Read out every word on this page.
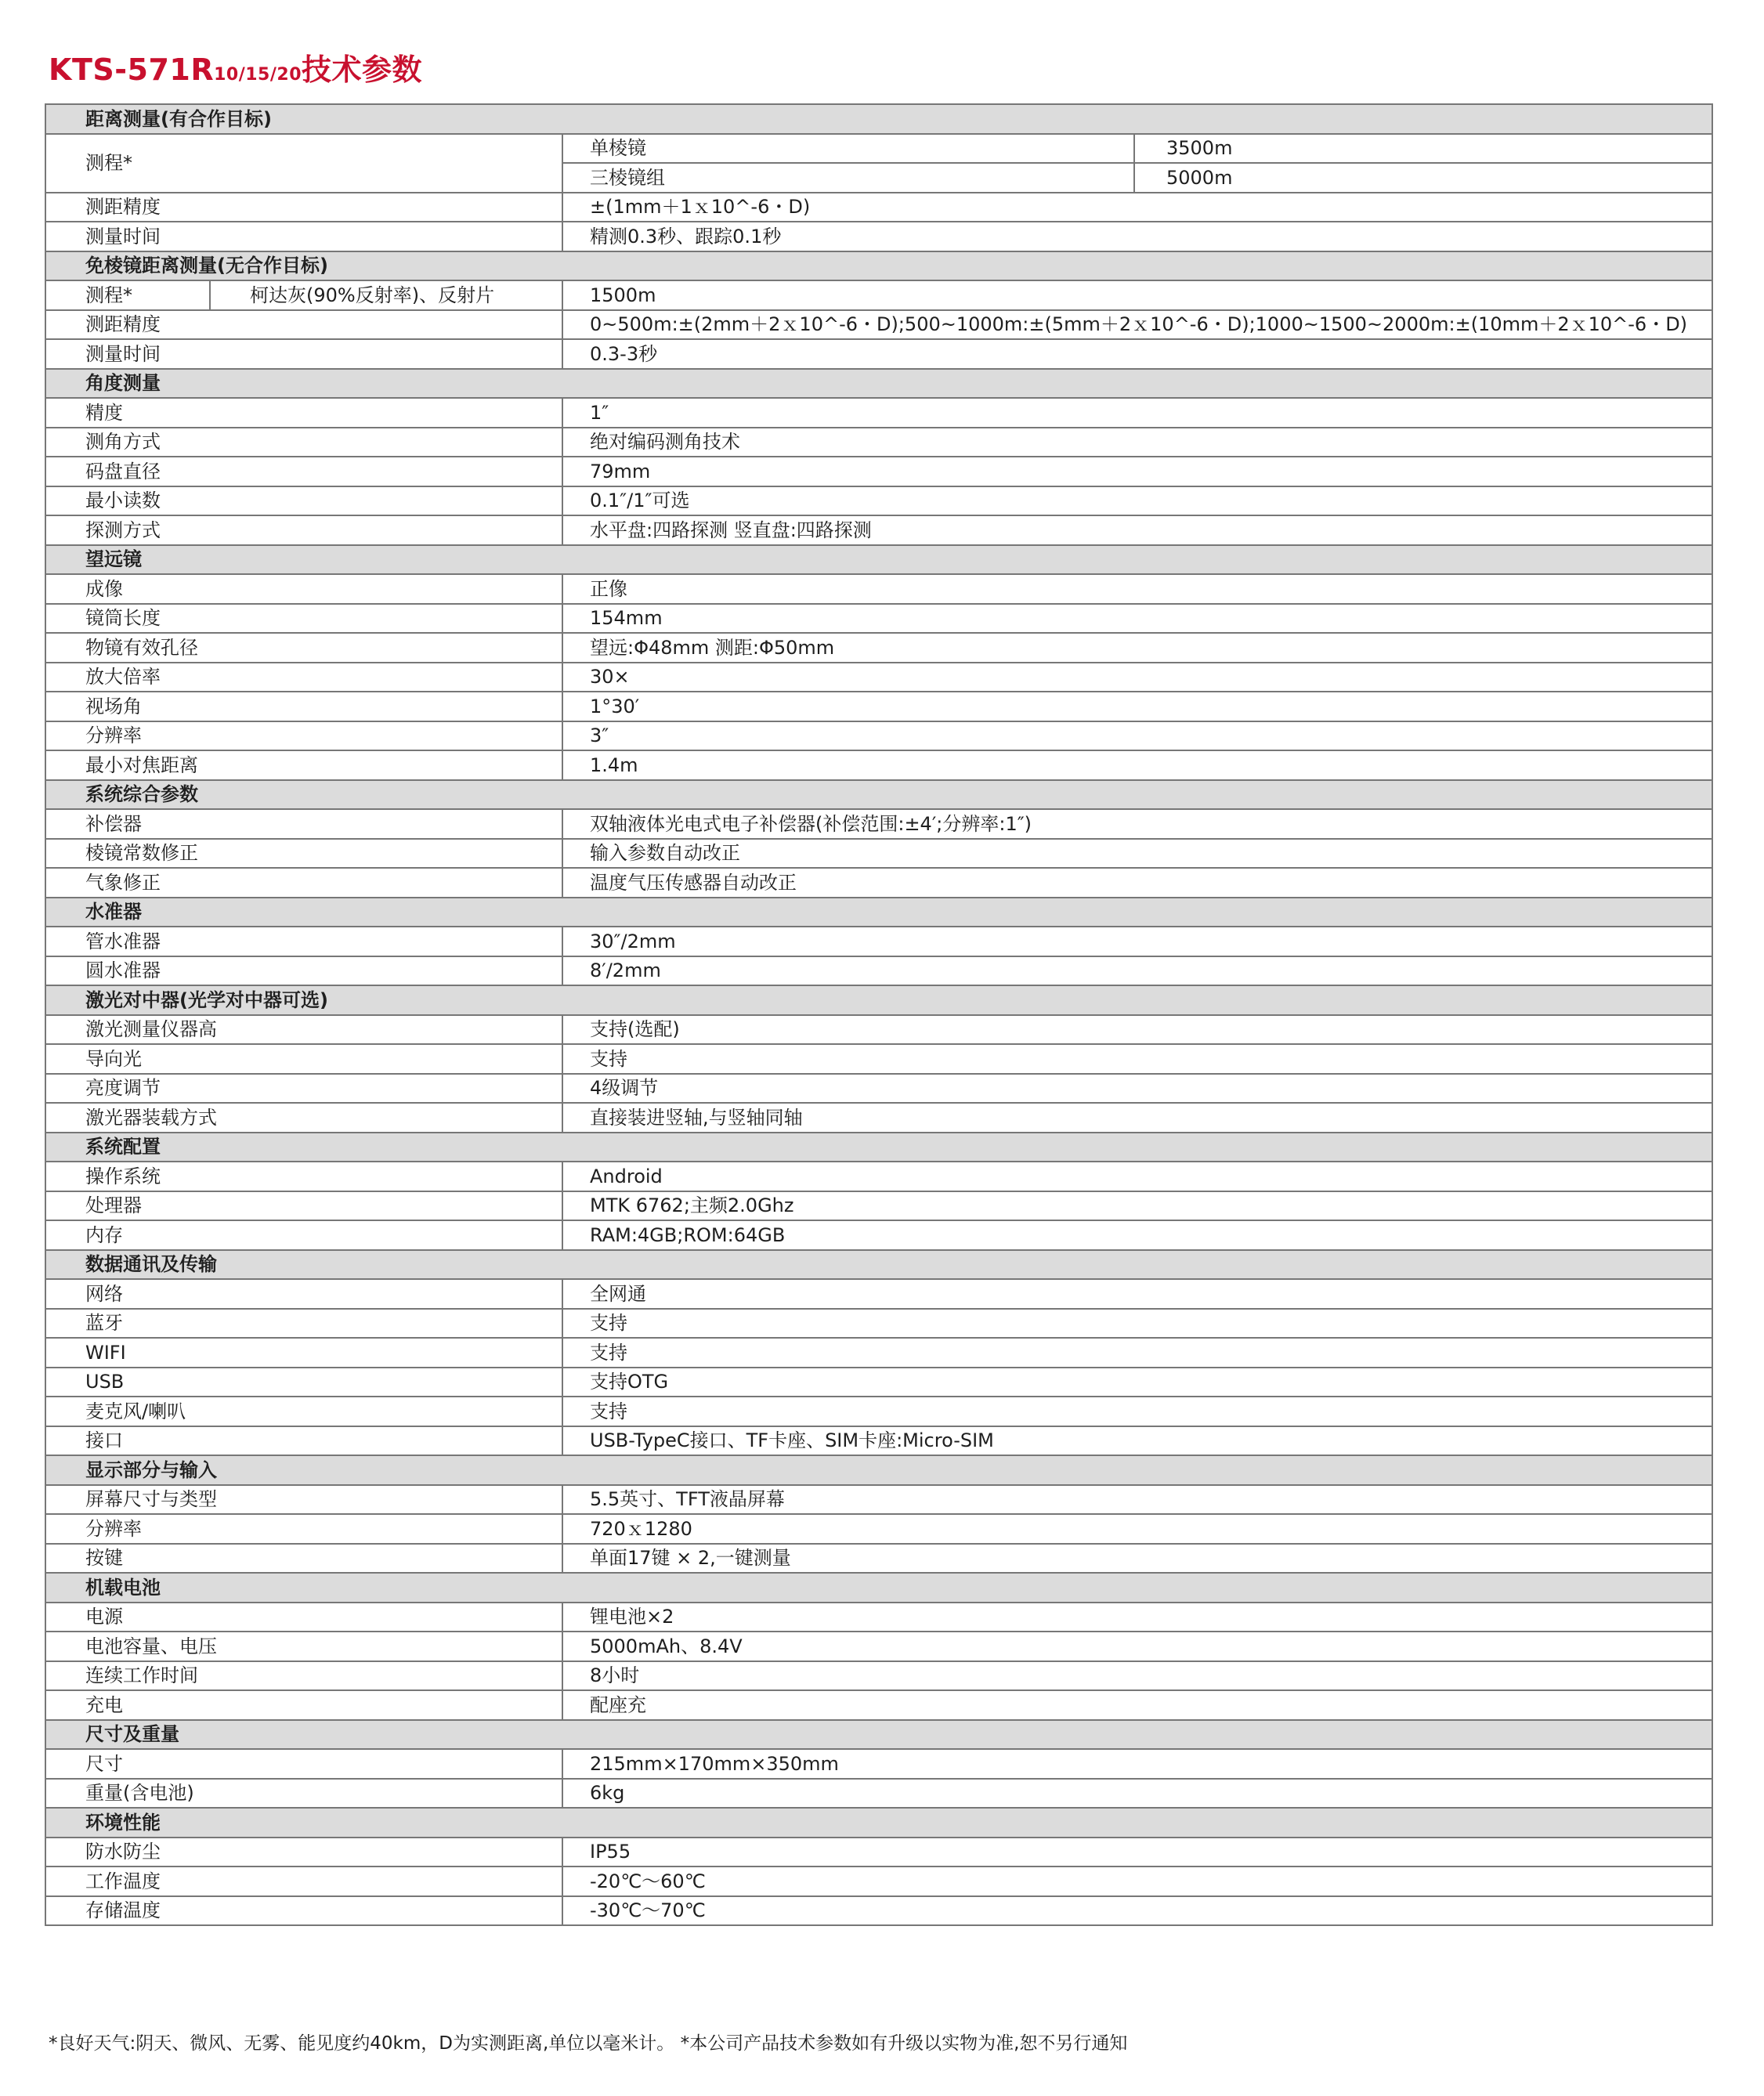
KTS-571R10/15/20技术参数
距离测量(有合作目标)			
测程*		单棱镜	3500m
		三棱镜组	5000m
测距精度		±(1mm＋1ｘ10^-6・D)	
测量时间		精测0.3秒、跟踪0.1秒	
免棱镜距离测量(无合作目标)			
测程*	柯达灰(90%反射率)、反射片	1500m	
测距精度		0~500m:±(2mm＋2ｘ10^-6・D);500~1000m:±(5mm＋2ｘ10^-6・D);1000~1500~2000m:±(10mm＋2ｘ10^-6・D)	
测量时间		0.3-3秒	
角度测量			
精度		1″	
测角方式		绝对编码测角技术	
码盘直径		79mm	
最小读数		0.1″/1″可选	
探测方式		水平盘:四路探测 竖直盘:四路探测	
望远镜			
成像		正像	
镜筒长度		154mm	
物镜有效孔径		望远:Φ48mm 测距:Φ50mm	
放大倍率		30×	
视场角		1°30′	
分辨率		3″	
最小对焦距离		1.4m	
系统综合参数			
补偿器		双轴液体光电式电子补偿器(补偿范围:±4′;分辨率:1″)	
棱镜常数修正		输入参数自动改正	
气象修正		温度气压传感器自动改正	
水准器			
管水准器		30″/2mm	
圆水准器		8′/2mm	
激光对中器(光学对中器可选)			
激光测量仪器高		支持(选配)	
导向光		支持	
亮度调节		4级调节	
激光器装载方式		直接装进竖轴,与竖轴同轴	
系统配置			
操作系统		Android	
处理器		MTK 6762;主频2.0Ghz	
内存		RAM:4GB;ROM:64GB	
数据通讯及传输			
网络		全网通	
蓝牙		支持	
WIFI		支持	
USB		支持OTG	
麦克风/喇叭		支持	
接口		USB-TypeC接口、TF卡座、SIM卡座:Micro-SIM	
显示部分与输入			
屏幕尺寸与类型		5.5英寸、TFT液晶屏幕	
分辨率		720ｘ1280	
按键		单面17键 × 2,一键测量	
机载电池			
电源		锂电池×2	
电池容量、电压		5000mAh、8.4V	
连续工作时间		8小时	
充电		配座充	
尺寸及重量			
尺寸		215mm×170mm×350mm	
重量(含电池)		6kg	
环境性能			
防水防尘		IP55	
工作温度		-20℃～60℃	
存储温度		-30℃～70℃	

*良好天气:阴天、微风、无雾、能见度约40km，D为实测距离,单位以毫米计。 *本公司产品技术参数如有升级以实物为准,恕不另行通知
